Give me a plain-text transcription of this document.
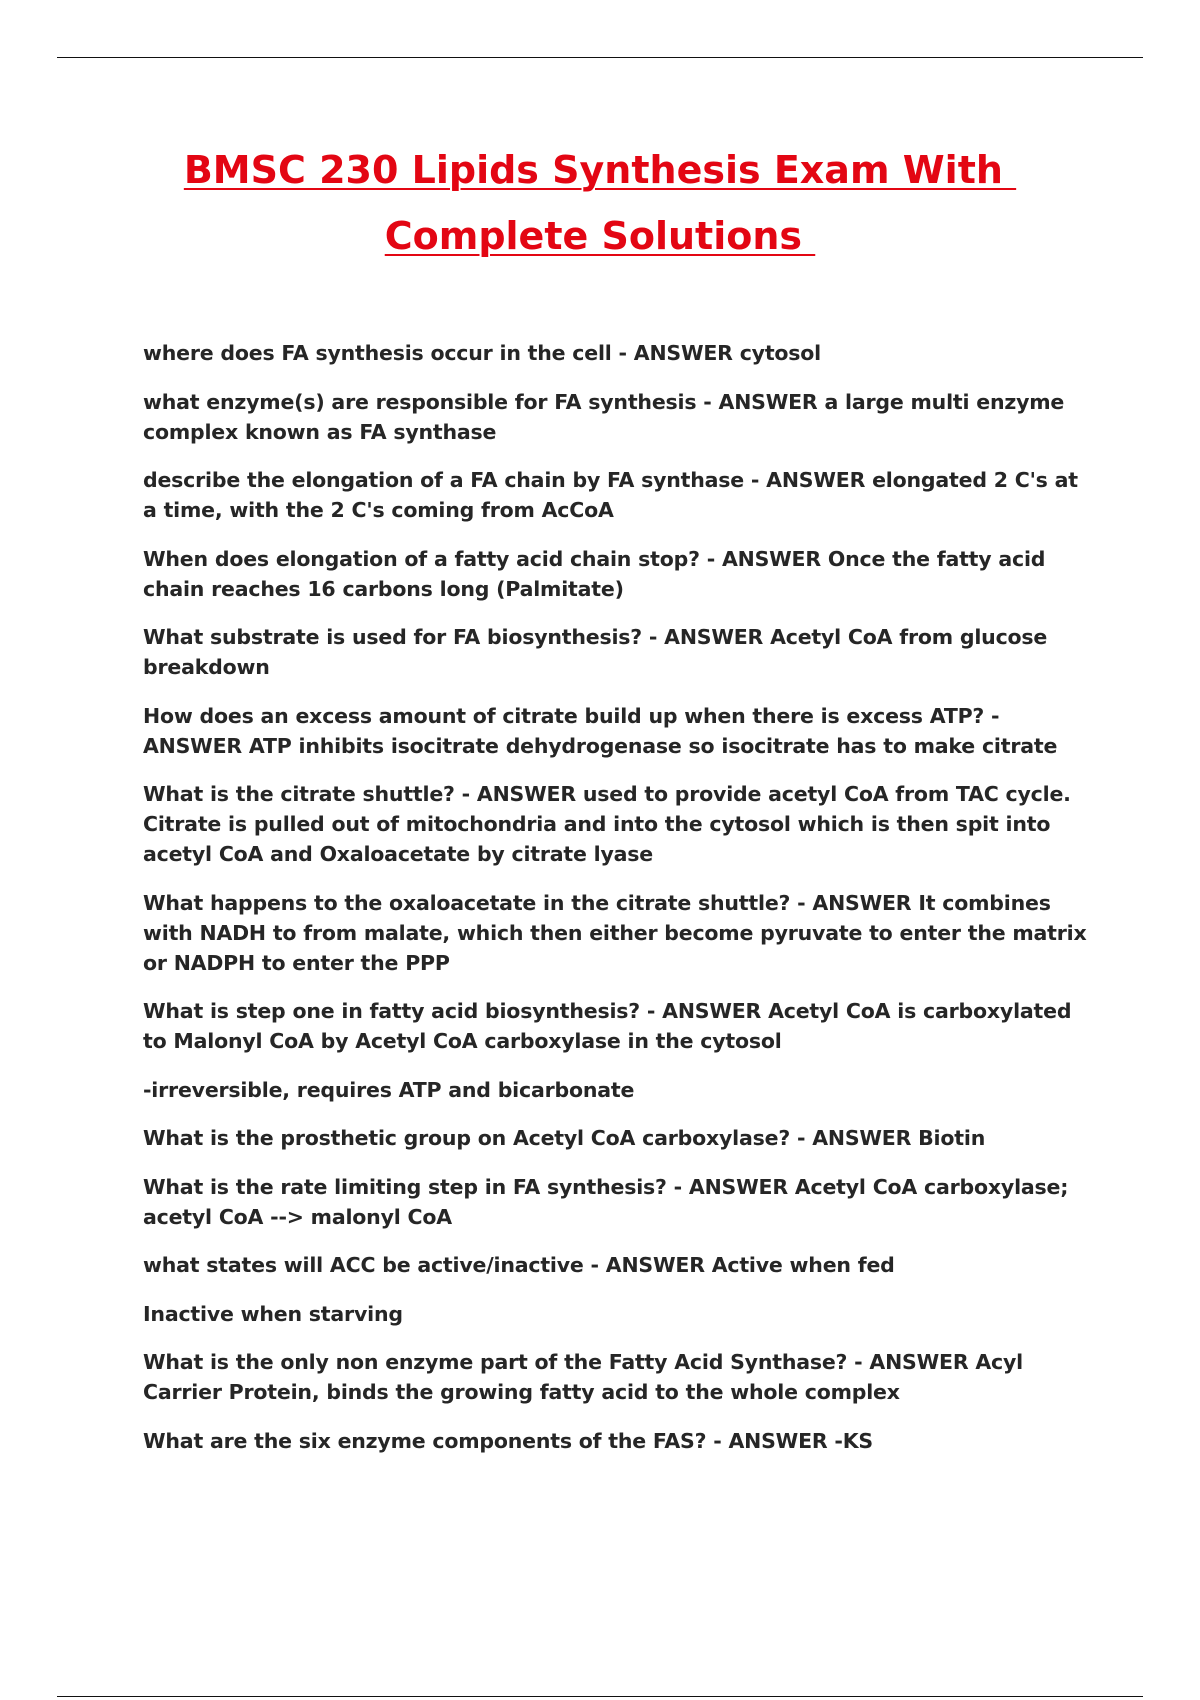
BMSC 230 Lipids Synthesis Exam With
Complete Solutions

where does FA synthesis occur in the cell - ANSWER cytosol

what enzyme(s) are responsible for FA synthesis - ANSWER a large multi enzyme complex known as FA synthase

describe the elongation of a FA chain by FA synthase - ANSWER elongated 2 C's at a time, with the 2 C's coming from AcCoA

When does elongation of a fatty acid chain stop? - ANSWER Once the fatty acid chain reaches 16 carbons long (Palmitate)

What substrate is used for FA biosynthesis? - ANSWER Acetyl CoA from glucose breakdown

How does an excess amount of citrate build up when there is excess ATP? - ANSWER ATP inhibits isocitrate dehydrogenase so isocitrate has to make citrate

What is the citrate shuttle? - ANSWER used to provide acetyl CoA from TAC cycle. Citrate is pulled out of mitochondria and into the cytosol which is then spit into acetyl CoA and Oxaloacetate by citrate lyase

What happens to the oxaloacetate in the citrate shuttle? - ANSWER It combines with NADH to from malate, which then either become pyruvate to enter the matrix or NADPH to enter the PPP

What is step one in fatty acid biosynthesis? - ANSWER Acetyl CoA is carboxylated to Malonyl CoA by Acetyl CoA carboxylase in the cytosol

-irreversible, requires ATP and bicarbonate

What is the prosthetic group on Acetyl CoA carboxylase? - ANSWER Biotin

What is the rate limiting step in FA synthesis? - ANSWER Acetyl CoA carboxylase; acetyl CoA --> malonyl CoA

what states will ACC be active/inactive - ANSWER Active when fed

Inactive when starving

What is the only non enzyme part of the Fatty Acid Synthase? - ANSWER Acyl Carrier Protein, binds the growing fatty acid to the whole complex

What are the six enzyme components of the FAS? - ANSWER -KS
